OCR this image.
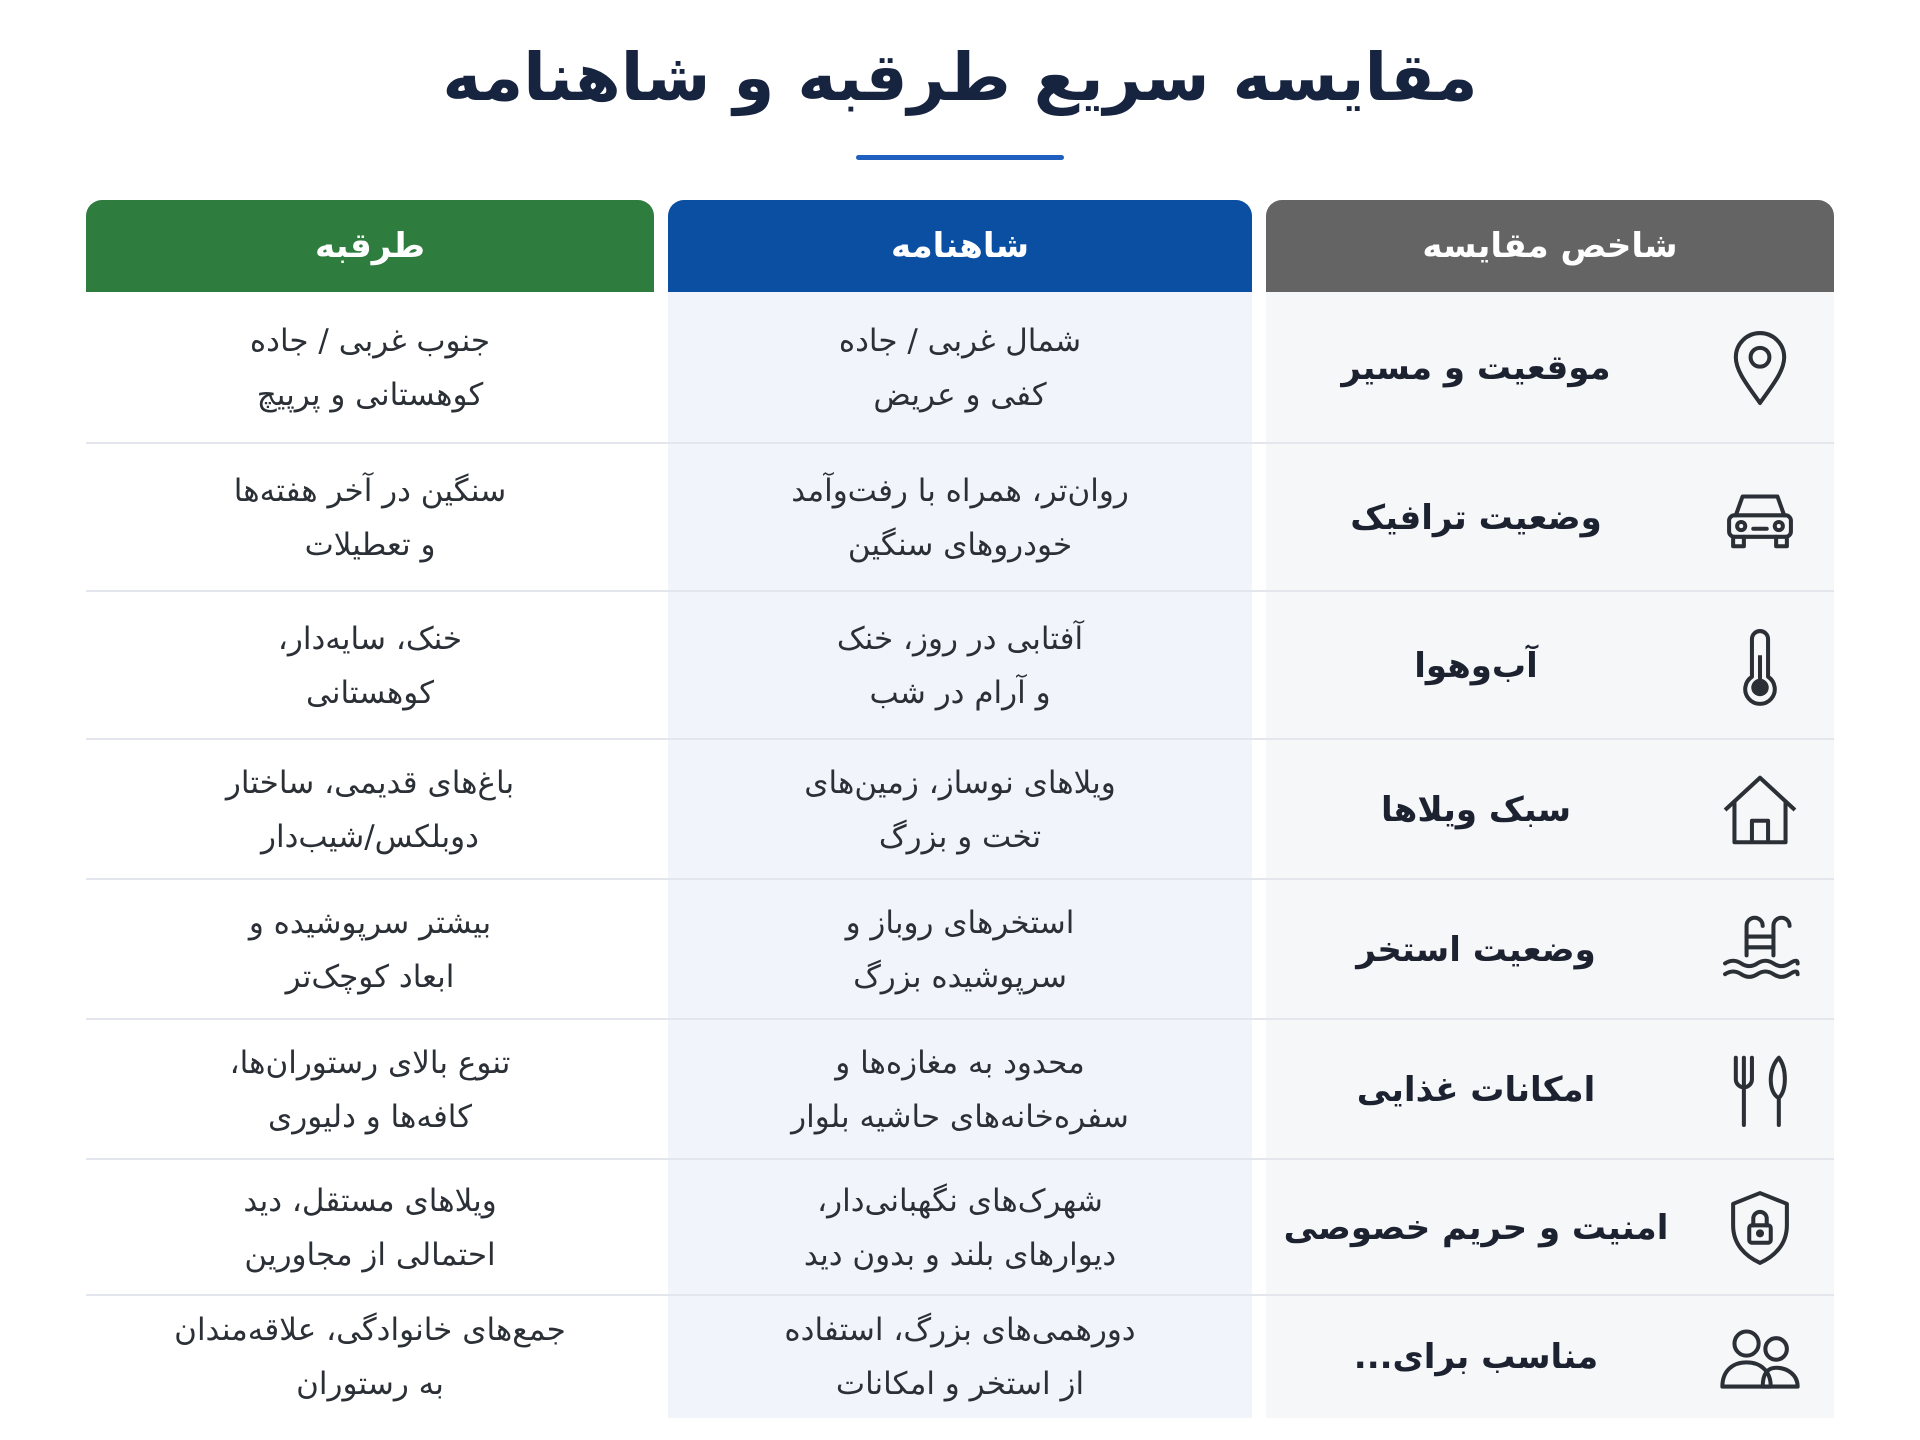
مقایسه سریع طرقبه و شاهنامه
طرقبه	شاهنامه	شاخص مقایسه
موقعیت و مسیر
شمال غربی / جاده
کفی و عریض
جنوب غربی / جاده
کوهستانی و پرپیچ
وضعیت ترافیک
روان‌تر، همراه با رفت‌وآمد
خودروهای سنگین
سنگین در آخر هفته‌ها
و تعطیلات
آب‌وهوا
آفتابی در روز، خنک
و آرام در شب
خنک، سایه‌دار،
کوهستانی
سبک ویلاها
ویلاهای نوساز، زمین‌های
تخت و بزرگ
باغ‌های قدیمی، ساختار
دوبلکس/شیب‌دار
وضعیت استخر
استخرهای روباز و
سرپوشیده بزرگ
بیشتر سرپوشیده و
ابعاد کوچک‌تر
امکانات غذایی
محدود به مغازه‌ها و
سفره‌خانه‌های حاشیه بلوار
تنوع بالای رستوران‌ها،
کافه‌ها و دلیوری
امنیت و حریم خصوصی
شهرک‌های نگهبانی‌دار،
دیوارهای بلند و بدون دید
ویلاهای مستقل، دید
احتمالی از مجاورین
مناسب برای...
دورهمی‌های بزرگ، استفاده
از استخر و امکانات
جمع‌های خانوادگی، علاقه‌مندان
به رستوران
